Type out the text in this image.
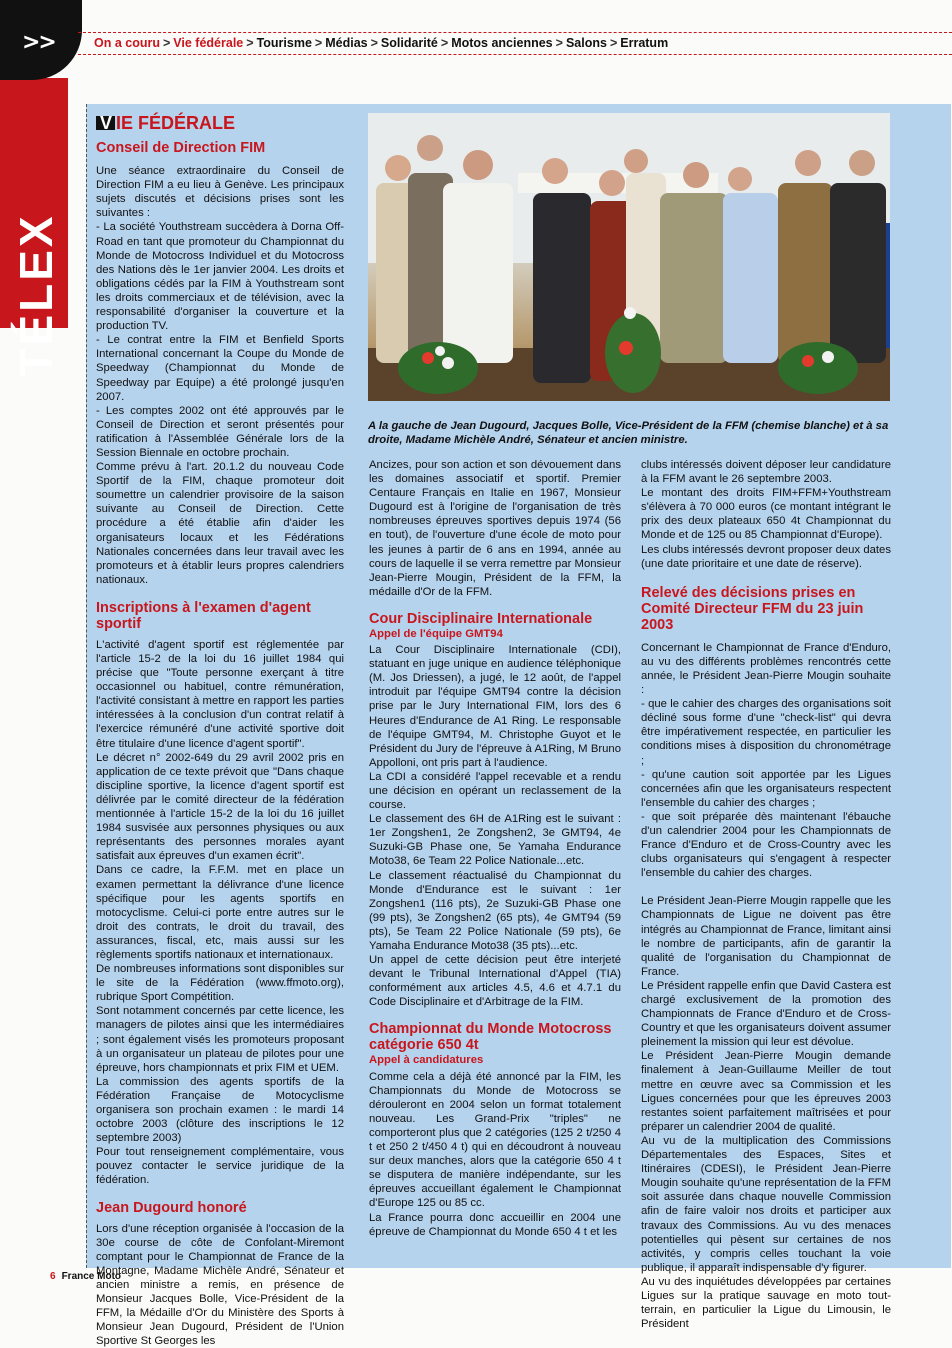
TÉLEX
>>	On a couru > Vie fédérale > Tourisme > Médias > Solidarité > Motos anciennes > Salons > Erratum
A la gauche de Jean Dugourd, Jacques Bolle, Vice-Président de la FFM (chemise blanche) et à sa droite, Madame Michèle André, Sénateur et ancien ministre.
V IE FÉDÉRALE
Conseil de Direction FIM

Une séance extraordinaire du Conseil de Direction FIM a eu lieu à Genève. Les principaux sujets discutés et décisions prises sont les suivantes :

- La société Youthstream succèdera à Dorna Off-Road en tant que promoteur du Championnat du Monde de Motocross Individuel et du Motocross des Nations dès le 1er janvier 2004. Les droits et obligations cédés par la FIM à Youthstream sont les droits commerciaux et de télévision, avec la responsabilité d'organiser la couverture et la production TV.

- Le contrat entre la FIM et Benfield Sports International concernant la Coupe du Monde de Speedway (Championnat du Monde de Speedway par Equipe) a été prolongé jusqu'en 2007.

- Les comptes 2002 ont été approuvés par le Conseil de Direction et seront présentés pour ratification à l'Assemblée Générale lors de la Session Biennale en octobre prochain.

Comme prévu à l'art. 20.1.2 du nouveau Code Sportif de la FIM, chaque promoteur doit soumettre un calendrier provisoire de la saison suivante au Conseil de Direction. Cette procédure a été établie afin d'aider les organisateurs locaux et les Fédérations Nationales concernées dans leur travail avec les promoteurs et à établir leurs propres calendriers nationaux.

Inscriptions à l'examen d'agent sportif

L'activité d'agent sportif est réglementée par l'article 15-2 de la loi du 16 juillet 1984 qui précise que "Toute personne exerçant à titre occasionnel ou habituel, contre rémunération, l'activité consistant à mettre en rapport les parties intéressées à la conclusion d'un contrat relatif à l'exercice rémunéré d'une activité sportive doit être titulaire d'une licence d'agent sportif".

Le décret n° 2002-649 du 29 avril 2002 pris en application de ce texte prévoit que "Dans chaque discipline sportive, la licence d'agent sportif est délivrée par le comité directeur de la fédération mentionnée à l'article 15-2 de la loi du 16 juillet 1984 susvisée aux personnes physiques ou aux représentants des personnes morales ayant satisfait aux épreuves d'un examen écrit".

Dans ce cadre, la F.F.M. met en place un examen permettant la délivrance d'une licence spécifique pour les agents sportifs en motocyclisme. Celui-ci porte entre autres sur le droit des contrats, le droit du travail, des assurances, fiscal, etc, mais aussi sur les règlements sportifs nationaux et internationaux.

De nombreuses informations sont disponibles sur le site de la Fédération (www.ffmoto.org), rubrique Sport Compétition.

Sont notamment concernés par cette licence, les managers de pilotes ainsi que les intermédiaires ; sont également visés les promoteurs proposant à un organisateur un plateau de pilotes pour une épreuve, hors championnats et prix FIM et UEM.

La commission des agents sportifs de la Fédération Française de Motocyclisme organisera son prochain examen : le mardi 14 octobre 2003 (clôture des inscriptions le 12 septembre 2003)

Pour tout renseignement complémentaire, vous pouvez contacter le service juridique de la fédération.

Jean Dugourd honoré

Lors d'une réception organisée à l'occasion de la 30e course de côte de Confolant-Miremont comptant pour le Championnat de France de la Montagne, Madame Michèle André, Sénateur et ancien ministre a remis, en présence de Monsieur Jacques Bolle, Vice-Président de la FFM, la Médaille d'Or du Ministère des Sports à Monsieur Jean Dugourd, Président de l'Union Sportive St Georges les

Ancizes, pour son action et son dévouement dans les domaines associatif et sportif. Premier Centaure Français en Italie en 1967, Monsieur Dugourd est à l'origine de l'organisation de très nombreuses épreuves sportives depuis 1974 (56 en tout), de l'ouverture d'une école de moto pour les jeunes à partir de 6 ans en 1994, année au cours de laquelle il se verra remettre par Monsieur Jean-Pierre Mougin, Président de la FFM, la médaille d'Or de la FFM.

Cour Disciplinaire Internationale
Appel de l'équipe GMT94

La Cour Disciplinaire Internationale (CDI), statuant en juge unique en audience téléphonique (M. Jos Driessen), a jugé, le 12 août, de l'appel introduit par l'équipe GMT94 contre la décision prise par le Jury International FIM, lors des 6 Heures d'Endurance de A1 Ring. Le responsable de l'équipe GMT94, M. Christophe Guyot et le Président du Jury de l'épreuve à A1Ring, M Bruno Appolloni, ont pris part à l'audience.

La CDI a considéré l'appel recevable et a rendu une décision en opérant un reclassement de la course.

Le classement des 6H de A1Ring est le suivant : 1er Zongshen1, 2e Zongshen2, 3e GMT94, 4e Suzuki-GB Phase one, 5e Yamaha Endurance Moto38, 6e Team 22 Police Nationale...etc.

Le classement réactualisé du Championnat du Monde d'Endurance est le suivant : 1er Zongshen1 (116 pts), 2e Suzuki-GB Phase one (99 pts), 3e Zongshen2 (65 pts), 4e GMT94 (59 pts), 5e Team 22 Police Nationale (59 pts), 6e Yamaha Endurance Moto38 (35 pts)...etc.

Un appel de cette décision peut être interjeté devant le Tribunal International d'Appel (TIA) conformément aux articles 4.5, 4.6 et 4.7.1 du Code Disciplinaire et d'Arbitrage de la FIM.

Championnat du Monde Motocross catégorie 650 4t
Appel à candidatures

Comme cela a déjà été annoncé par la FIM, les Championnats du Monde de Motocross se dérouleront en 2004 selon un format totalement nouveau. Les Grand-Prix "triples" ne comporteront plus que 2 catégories (125 2 t/250 4 t et 250 2 t/450 4 t) qui en découdront à nouveau sur deux manches, alors que la catégorie 650 4 t se disputera de manière indépendante, sur les épreuves accueillant également le Championnat d'Europe 125 ou 85 cc.

La France pourra donc accueillir en 2004 une épreuve de Championnat du Monde 650 4 t et les

clubs intéressés doivent déposer leur candidature à la FFM avant le 26 septembre 2003.

Le montant des droits FIM+FFM+Youthstream s'élèvera à 70 000 euros (ce montant intégrant le prix des deux plateaux 650 4t Championnat du Monde et de 125 ou 85 Championnat d'Europe).

Les clubs intéressés devront proposer deux dates (une date prioritaire et une date de réserve).

Relevé des décisions prises en Comité Directeur FFM du 23 juin 2003

Concernant le Championnat de France d'Enduro, au vu des différents problèmes rencontrés cette année, le Président Jean-Pierre Mougin souhaite :

- que le cahier des charges des organisations soit décliné sous forme d'une "check-list" qui devra être impérativement respectée, en particulier les conditions mises à disposition du chronométrage ;

- qu'une caution soit apportée par les Ligues concernées afin que les organisateurs respectent l'ensemble du cahier des charges ;

- que soit préparée dès maintenant l'ébauche d'un calendrier 2004 pour les Championnats de France d'Enduro et de Cross-Country avec les clubs organisateurs qui s'engagent à respecter l'ensemble du cahier des charges.

Le Président Jean-Pierre Mougin rappelle que les Championnats de Ligue ne doivent pas être intégrés au Championnat de France, limitant ainsi le nombre de participants, afin de garantir la qualité de l'organisation du Championnat de France.

Le Président rappelle enfin que David Castera est chargé exclusivement de la promotion des Championnats de France d'Enduro et de Cross-Country et que les organisateurs doivent assumer pleinement la mission qui leur est dévolue.

Le Président Jean-Pierre Mougin demande finalement à Jean-Guillaume Meiller de tout mettre en œuvre avec sa Commission et les Ligues concernées pour que les épreuves 2003 restantes soient parfaitement maîtrisées et pour préparer un calendrier 2004 de qualité.

Au vu de la multiplication des Commissions Départementales des Espaces, Sites et Itinéraires (CDESI), le Président Jean-Pierre Mougin souhaite qu'une représentation de la FFM soit assurée dans chaque nouvelle Commission afin de faire valoir nos droits et participer aux travaux des Commissions. Au vu des menaces potentielles qui pèsent sur certaines de nos activités, y compris celles touchant la voie publique, il apparaît indispensable d'y figurer.

Au vu des inquiétudes développées par certaines Ligues sur la pratique sauvage en moto tout-terrain, en particulier la Ligue du Limousin, le Président

6 France Moto
